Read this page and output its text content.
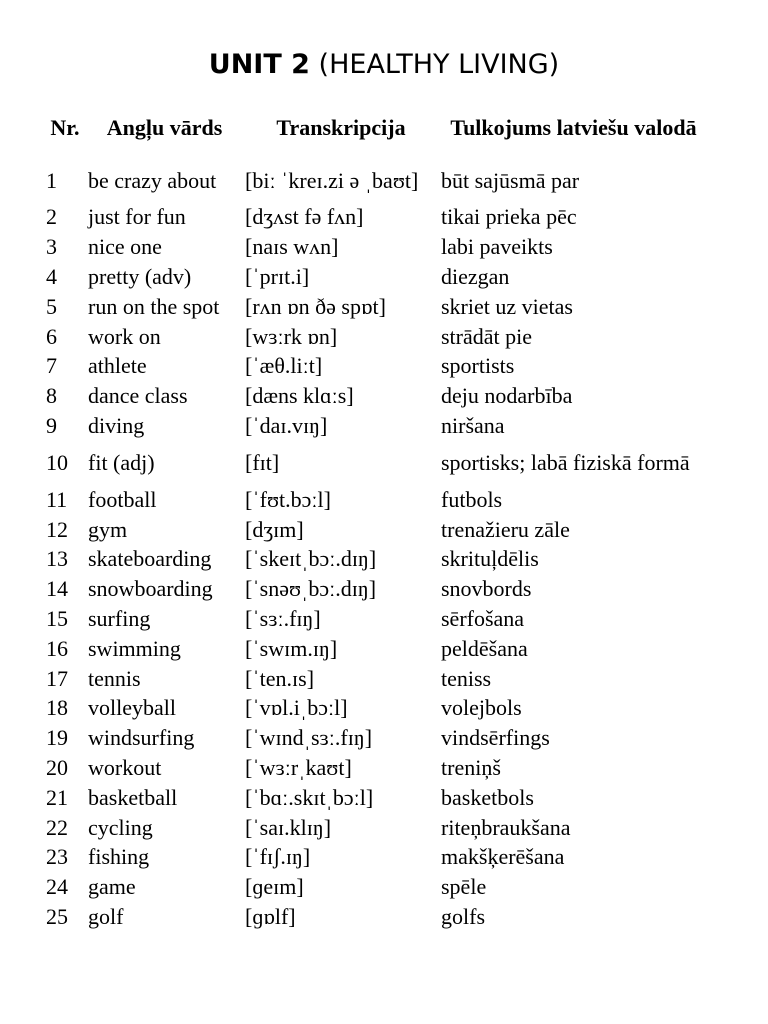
UNIT 2 (HEALTHY LIVING)
Nr.	Angļu vārds	Transkripcija	Tulkojums latviešu valodā
1	be crazy about	[biː ˈkreɪ.zi ə ˌbaʊt]	būt sajūsmā par
2	just for fun	[dʒʌst fə fʌn]	tikai prieka pēc
3	nice one	[naɪs wʌn]	labi paveikts
4	pretty (adv)	[ˈprɪt.i]	diezgan
5	run on the spot	[rʌn ɒn ðə spɒt]	skriet uz vietas
6	work on	[wɜːrk ɒn]	strādāt pie
7	athlete	[ˈæθ.liːt]	sportists
8	dance class	[dæns klɑːs]	deju nodarbība
9	diving	[ˈdaɪ.vɪŋ]	niršana
10	fit (adj)	[fɪt]	sportisks; labā fiziskā formā
11	football	[ˈfʊt.bɔːl]	futbols
12	gym	[dʒɪm]	trenažieru zāle
13	skateboarding	[ˈskeɪtˌbɔː.dɪŋ]	skrituļdēlis
14	snowboarding	[ˈsnəʊˌbɔː.dɪŋ]	snovbords
15	surfing	[ˈsɜː.fɪŋ]	sērfošana
16	swimming	[ˈswɪm.ɪŋ]	peldēšana
17	tennis	[ˈten.ɪs]	teniss
18	volleyball	[ˈvɒl.iˌbɔːl]	volejbols
19	windsurfing	[ˈwɪndˌsɜː.fɪŋ]	vindsērfings
20	workout	[ˈwɜːrˌkaʊt]	treniņš
21	basketball	[ˈbɑː.skɪtˌbɔːl]	basketbols
22	cycling	[ˈsaɪ.klɪŋ]	riteņbraukšana
23	fishing	[ˈfɪʃ.ɪŋ]	makšķerēšana
24	game	[ɡeɪm]	spēle
25	golf	[ɡɒlf]	golfs
